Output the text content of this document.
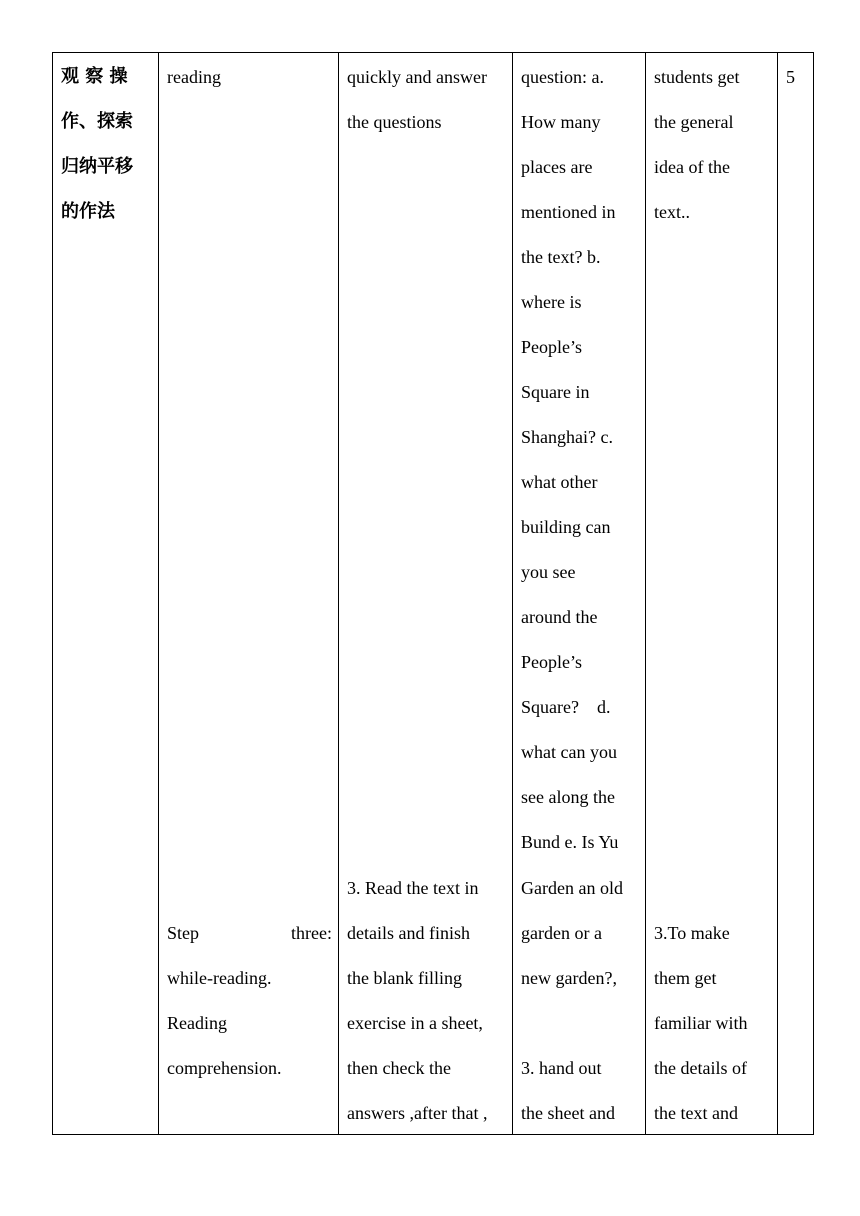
观 察 操
作、探索
归纳平移
的作法

reading
Step	three:
while-reading.
Reading
comprehension.

quickly and answer
the questions
3. Read the text in
details and finish
the blank filling
exercise in a sheet,
then check the
answers ,after that ,

question: a.
How many
places are
mentioned in
the text? b.
where is
People’s
Square in
Shanghai? c.
what other
building can
you see
around the
People’s
Square?    d.
what can you
see along the
Bund e. Is Yu
Garden an old
garden or a
new garden?,
3. hand out
the sheet and

students get
the general
idea of the
text..
3.To make
them get
familiar with
the details of
the text and

5
